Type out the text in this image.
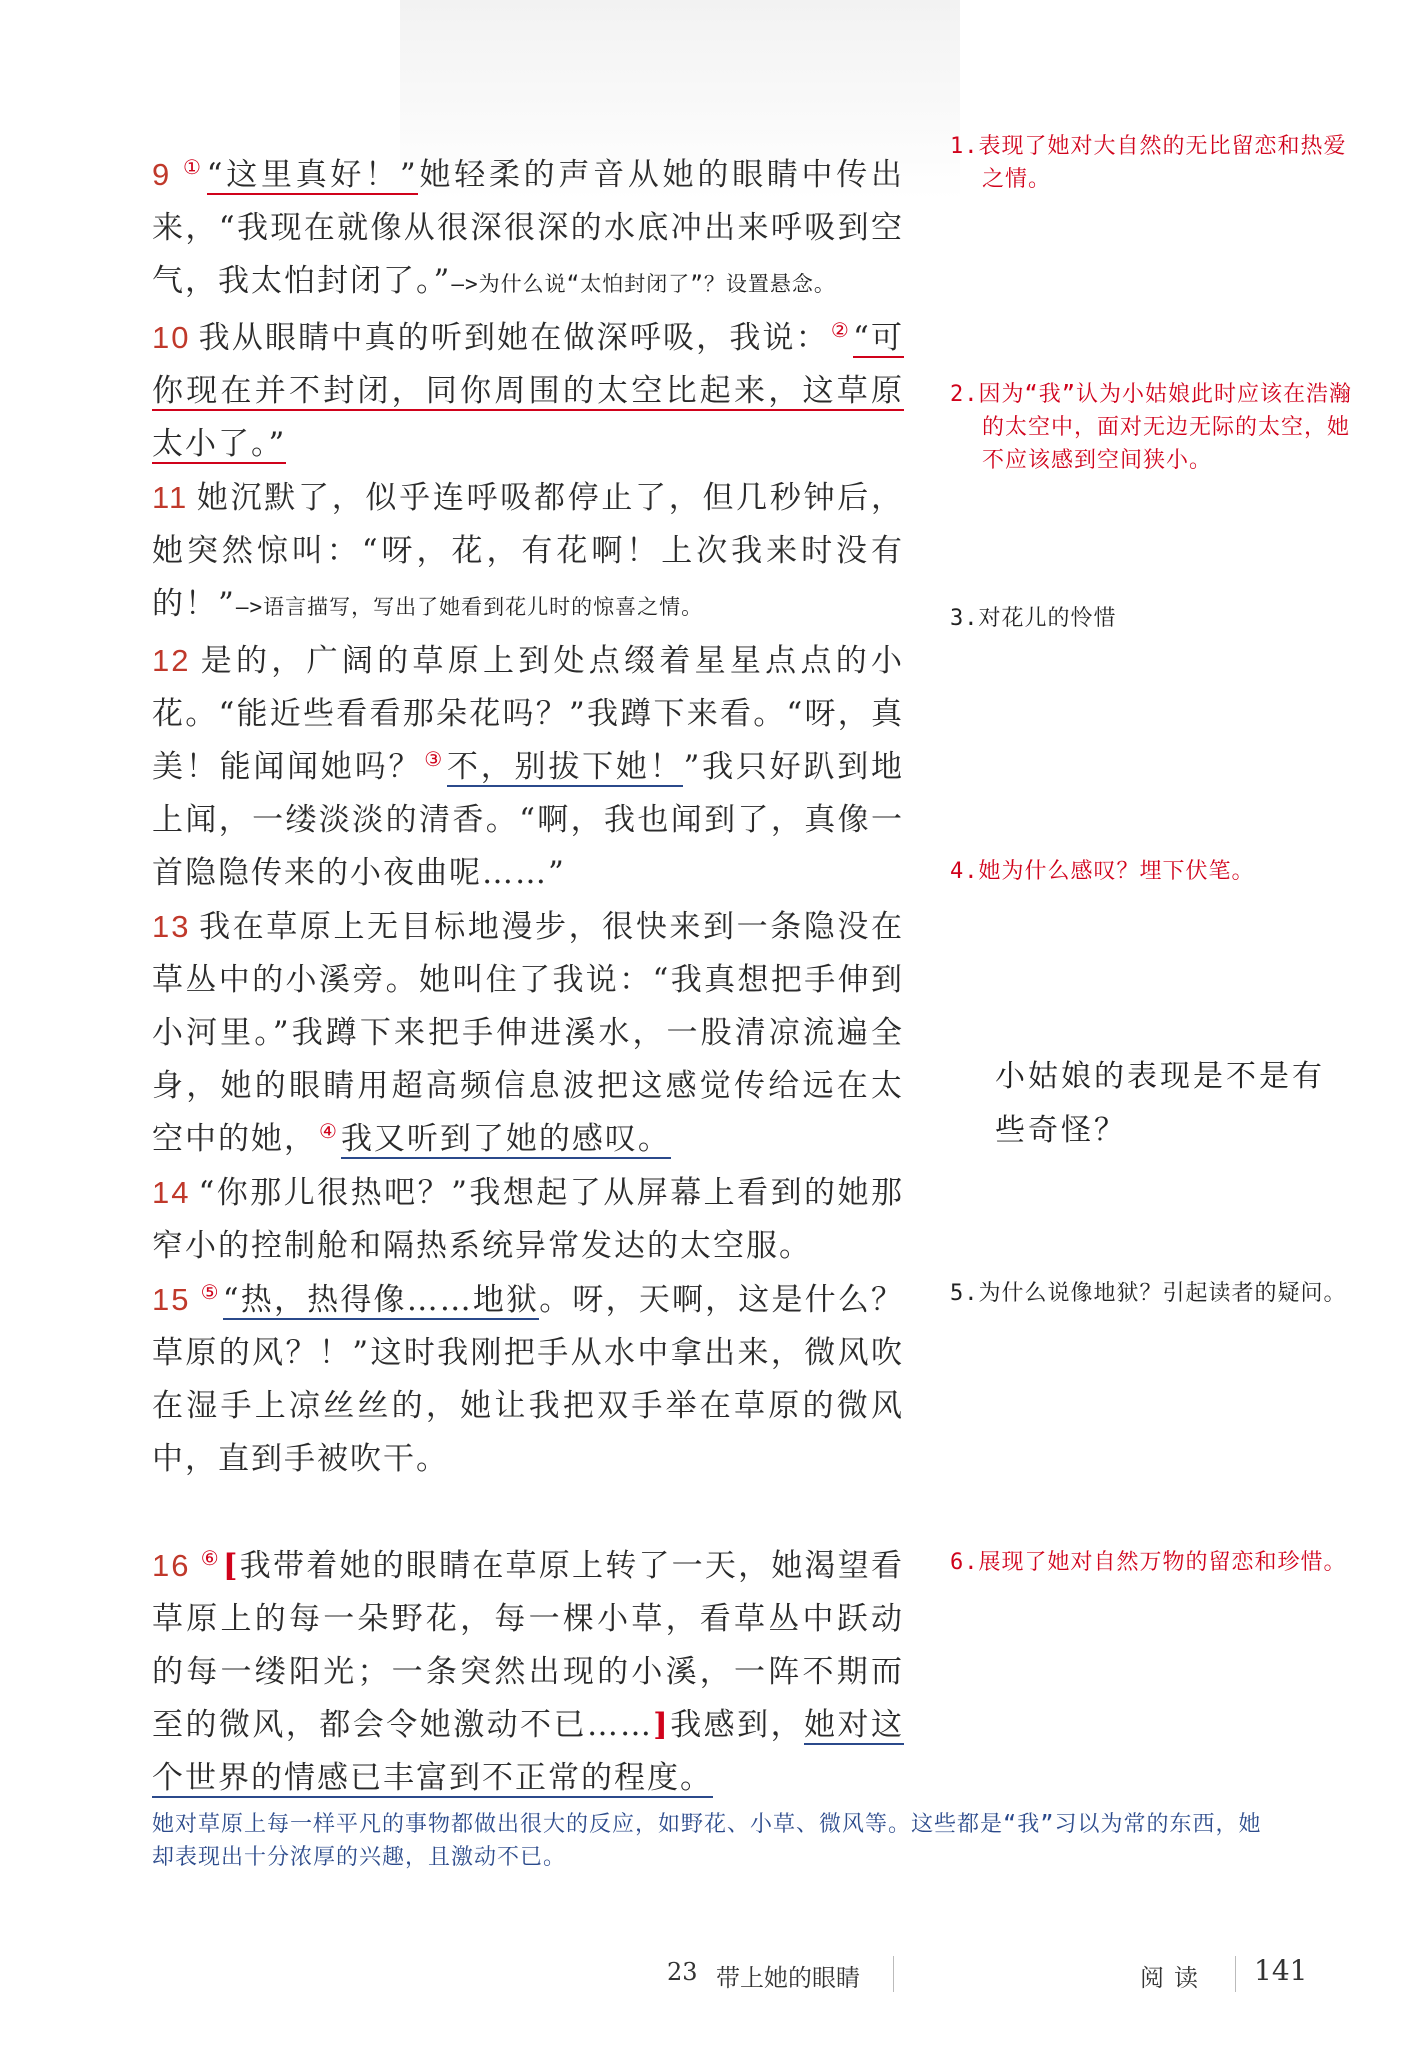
9 ①“这里真好！”她轻柔的声音从她的眼睛中传出来，“我现在就像从很深很深的水底冲出来呼吸到空气，我太怕封闭了。”—>为什么说“太怕封闭了”？设置悬念。

10 我从眼睛中真的听到她在做深呼吸，我说： ②“可你现在并不封闭，同你周围的太空比起来，这草原太小了。”

11 她沉默了，似乎连呼吸都停止了，但几秒钟后，她突然惊叫：“呀，花，有花啊！上次我来时没有的！”—>语言描写，写出了她看到花儿时的惊喜之情。

12 是的，广阔的草原上到处点缀着星星点点的小花。“能近些看看那朵花吗？”我蹲下来看。“呀，真美！能闻闻她吗？ ③不，别拔下她！”我只好趴到地上闻，一缕淡淡的清香。“啊，我也闻到了，真像一首隐隐传来的小夜曲呢……”

13 我在草原上无目标地漫步，很快来到一条隐没在草丛中的小溪旁。她叫住了我说：“我真想把手伸到小河里。”我蹲下来把手伸进溪水，一股清凉流遍全身，她的眼睛用超高频信息波把这感觉传给远在太空中的她， ④我又听到了她的感叹。

14 “你那儿很热吧？”我想起了从屏幕上看到的她那窄小的控制舱和隔热系统异常发达的太空服。

15 ⑤“热，热得像……地狱。呀，天啊，这是什么？草原的风？！”这时我刚把手从水中拿出来，微风吹在湿手上凉丝丝的，她让我把双手举在草原的微风中，直到手被吹干。

16 ⑥[我带着她的眼睛在草原上转了一天，她渴望看草原上的每一朵野花，每一棵小草，看草丛中跃动的每一缕阳光；一条突然出现的小溪，一阵不期而至的微风，都会令她激动不已……]我感到，她对这个世界的情感已丰富到不正常的程度。

1.表现了她对大自然的无比留恋和热爱之情。
2.因为“我”认为小姑娘此时应该在浩瀚的太空中，面对无边无际的太空，她不应该感到空间狭小。
3.对花儿的怜惜
4.她为什么感叹？埋下伏笔。
小姑娘的表现是不是有些奇怪？
5.为什么说像地狱？引起读者的疑问。
6.展现了她对自然万物的留恋和珍惜。
她对草原上每一样平凡的事物都做出很大的反应，如野花、小草、微风等。这些都是“我”习以为常的东西，她却表现出十分浓厚的兴趣，且激动不已。
23 带上她的眼睛	阅读 141
